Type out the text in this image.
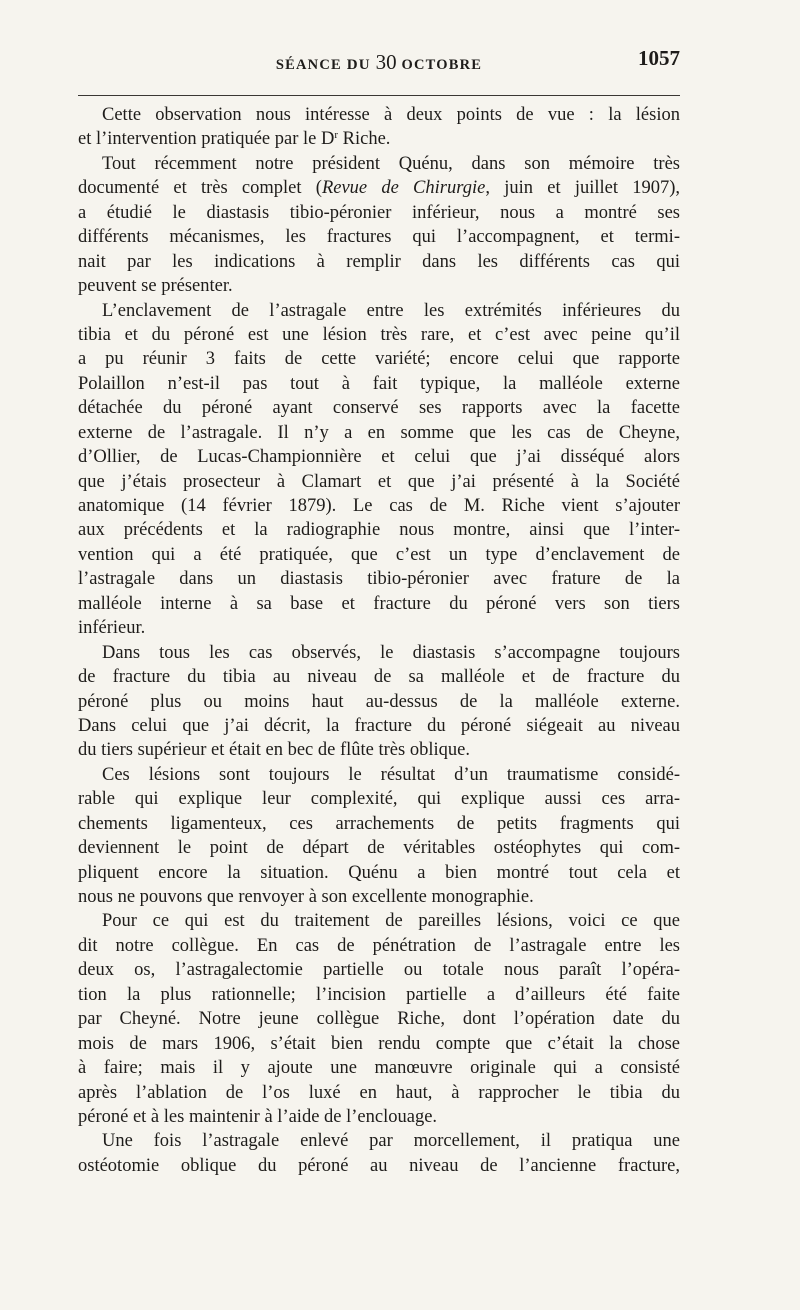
SÉANCE DU 30 OCTOBRE	1057
Cette observation nous intéresse à deux points de vue : la lésion
et l’intervention pratiquée par le $D^r$ Riche.
Tout récemment notre président Quénu, dans son mémoire très
documenté et très complet (Revue de Chirurgie, juin et juillet 1907),
a étudié le diastasis tibio-péronier inférieur, nous a montré ses
différents mécanismes, les fractures qui l’accompagnent, et termi-
nait par les indications à remplir dans les différents cas qui
peuvent se présenter.
L’enclavement de l’astragale entre les extrémités inférieures du
tibia et du péroné est une lésion très rare, et c’est avec peine qu’il
a pu réunir 3 faits de cette variété; encore celui que rapporte
Polaillon n’est-il pas tout à fait typique, la malléole externe
détachée du péroné ayant conservé ses rapports avec la facette
externe de l’astragale. Il n’y a en somme que les cas de Cheyne,
d’Ollier, de Lucas-Championnière et celui que j’ai disséqué alors
que j’étais prosecteur à Clamart et que j’ai présenté à la Société
anatomique (14 février 1879). Le cas de M. Riche vient s’ajouter
aux précédents et la radiographie nous montre, ainsi que l’inter-
vention qui a été pratiquée, que c’est un type d’enclavement de
l’astragale dans un diastasis tibio-péronier avec frature de la
malléole interne à sa base et fracture du péroné vers son tiers
inférieur.
Dans tous les cas observés, le diastasis s’accompagne toujours
de fracture du tibia au niveau de sa malléole et de fracture du
péroné plus ou moins haut au-dessus de la malléole externe.
Dans celui que j’ai décrit, la fracture du péroné siégeait au niveau
du tiers supérieur et était en bec de flûte très oblique.
Ces lésions sont toujours le résultat d’un traumatisme considé-
rable qui explique leur complexité, qui explique aussi ces arra-
chements ligamenteux, ces arrachements de petits fragments qui
deviennent le point de départ de véritables ostéophytes qui com-
pliquent encore la situation. Quénu a bien montré tout cela et
nous ne pouvons que renvoyer à son excellente monographie.
Pour ce qui est du traitement de pareilles lésions, voici ce que
dit notre collègue. En cas de pénétration de l’astragale entre les
deux os, l’astragalectomie partielle ou totale nous paraît l’opéra-
tion la plus rationnelle; l’incision partielle a d’ailleurs été faite
par Cheyné. Notre jeune collègue Riche, dont l’opération date du
mois de mars 1906, s’était bien rendu compte que c’était la chose
à faire; mais il y ajoute une manœuvre originale qui a consisté
après l’ablation de l’os luxé en haut, à rapprocher le tibia du
péroné et à les maintenir à l’aide de l’enclouage.
Une fois l’astragale enlevé par morcellement, il pratiqua une
ostéotomie oblique du péroné au niveau de l’ancienne fracture,
